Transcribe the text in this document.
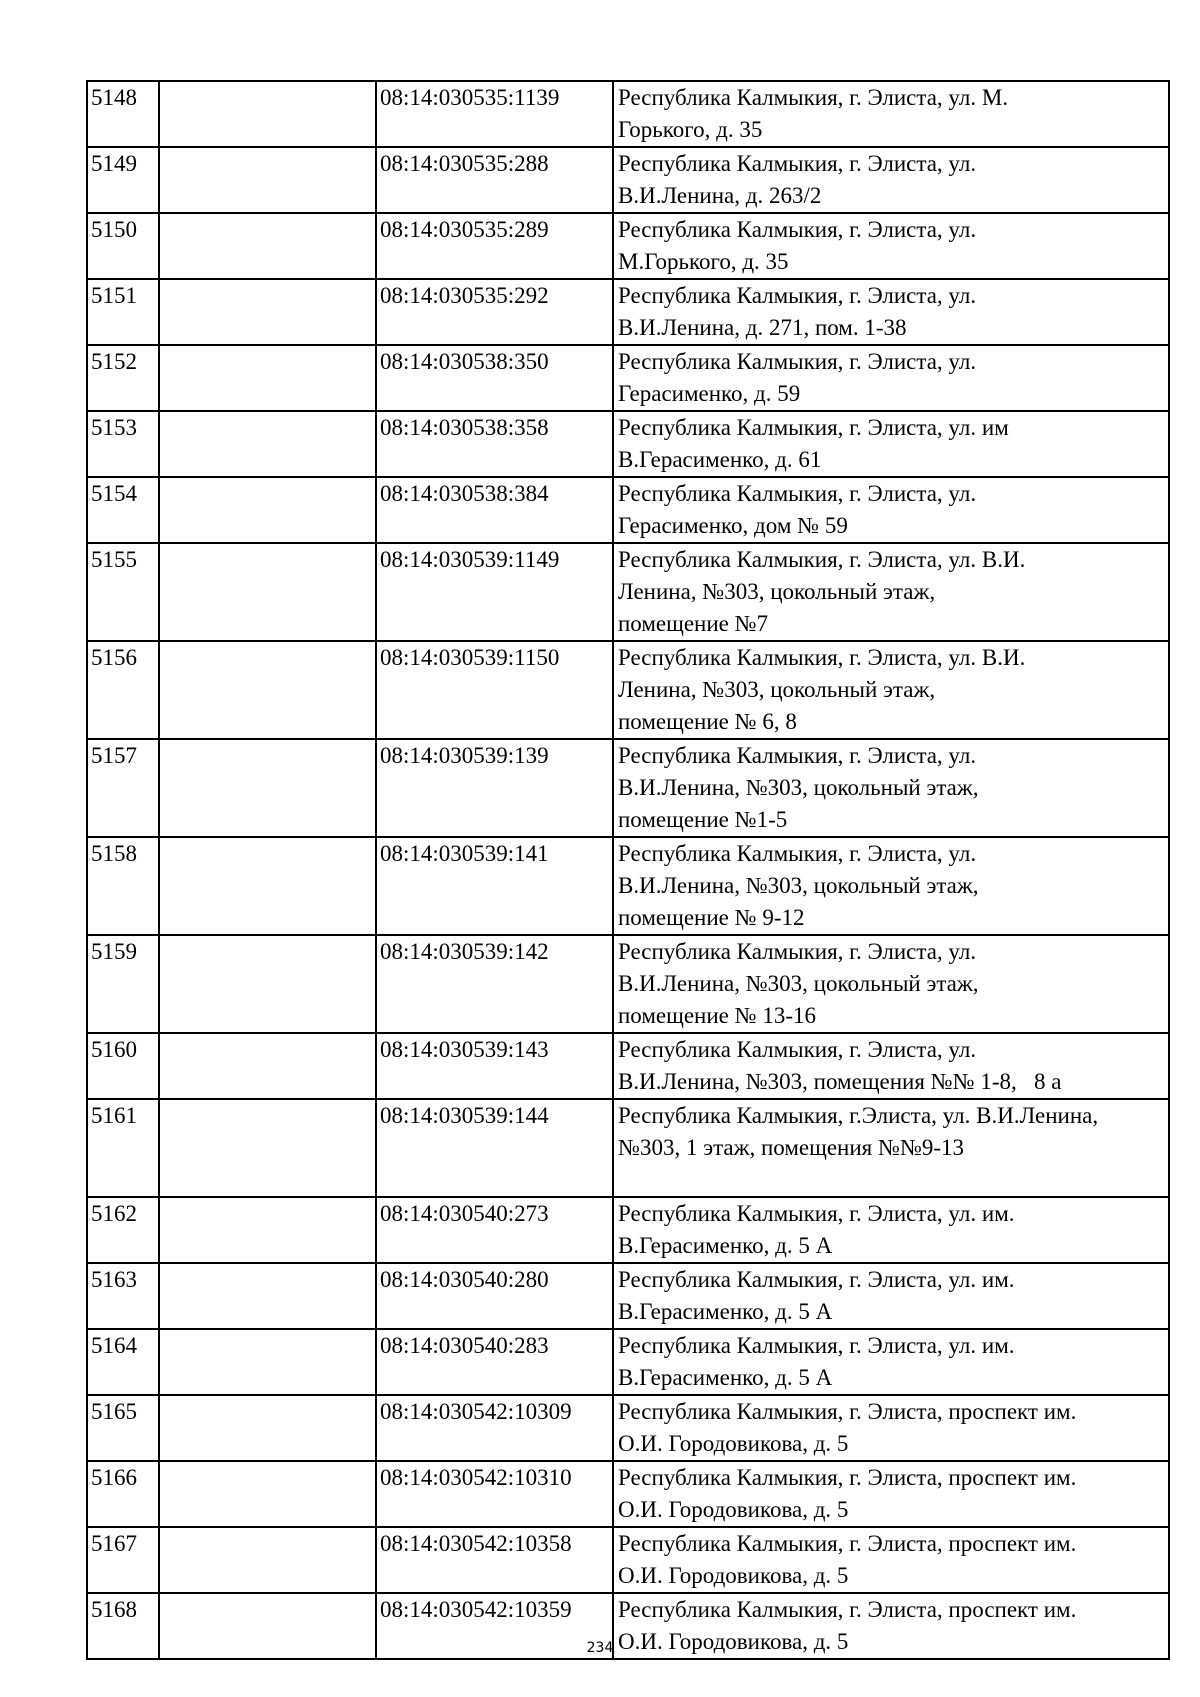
5148		08:14:030535:1139	Республика Калмыкия, г. Элиста, ул. М.
Горького, д. 35

5149		08:14:030535:288	Республика Калмыкия, г. Элиста, ул.
В.И.Ленина, д. 263/2

5150		08:14:030535:289	Республика Калмыкия, г. Элиста, ул.
М.Горького, д. 35

5151		08:14:030535:292	Республика Калмыкия, г. Элиста, ул.
В.И.Ленина, д. 271, пом. 1-38

5152		08:14:030538:350	Республика Калмыкия, г. Элиста, ул.
Герасименко, д. 59

5153		08:14:030538:358	Республика Калмыкия, г. Элиста, ул. им
В.Герасименко, д. 61

5154		08:14:030538:384	Республика Калмыкия, г. Элиста, ул.
Герасименко, дом № 59

5155		08:14:030539:1149	Республика Калмыкия, г. Элиста, ул. В.И.
Ленина, №303, цокольный этаж,
помещение №7

5156		08:14:030539:1150	Республика Калмыкия, г. Элиста, ул. В.И.
Ленина, №303, цокольный этаж,
помещение № 6, 8

5157		08:14:030539:139	Республика Калмыкия, г. Элиста, ул.
В.И.Ленина, №303, цокольный этаж,
помещение №1-5

5158		08:14:030539:141	Республика Калмыкия, г. Элиста, ул.
В.И.Ленина, №303, цокольный этаж,
помещение № 9-12

5159		08:14:030539:142	Республика Калмыкия, г. Элиста, ул.
В.И.Ленина, №303, цокольный этаж,
помещение № 13-16

5160		08:14:030539:143	Республика Калмыкия, г. Элиста, ул.
В.И.Ленина, №303, помещения №№ 1-8,   8 а

5161		08:14:030539:144	Республика Калмыкия, г.Элиста, ул. В.И.Ленина,
№303, 1 этаж, помещения №№9-13

5162		08:14:030540:273	Республика Калмыкия, г. Элиста, ул. им.
В.Герасименко, д. 5 А

5163		08:14:030540:280	Республика Калмыкия, г. Элиста, ул. им.
В.Герасименко, д. 5 А

5164		08:14:030540:283	Республика Калмыкия, г. Элиста, ул. им.
В.Герасименко, д. 5 А

5165		08:14:030542:10309	Республика Калмыкия, г. Элиста, проспект им.
О.И. Городовикова, д. 5

5166		08:14:030542:10310	Республика Калмыкия, г. Элиста, проспект им.
О.И. Городовикова, д. 5

5167		08:14:030542:10358	Республика Калмыкия, г. Элиста, проспект им.
О.И. Городовикова, д. 5

5168		08:14:030542:10359	Республика Калмыкия, г. Элиста, проспект им.
О.И. Городовикова, д. 5
234
